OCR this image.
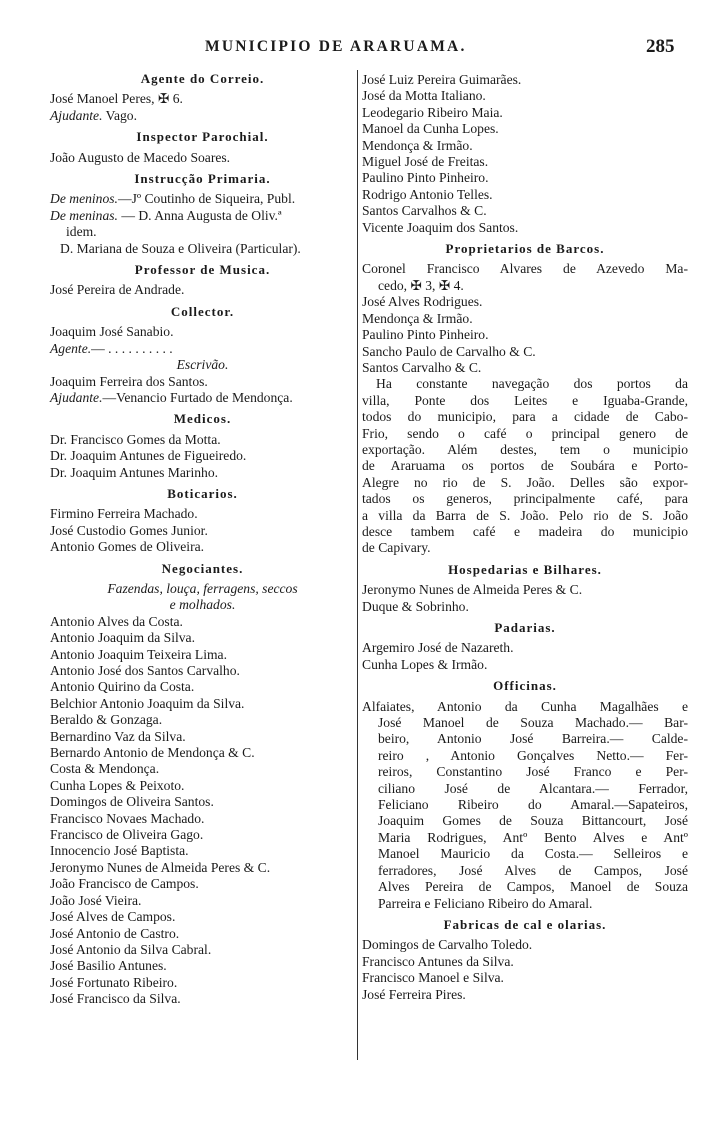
MUNICIPIO DE ARARUAMA.	285
Agente do Correio.
José Manoel Peres, ✠ 6.
Ajudante. Vago.
Inspector Parochial.
João Augusto de Macedo Soares.
Instrucção Primaria.
De meninos.—Jº Coutinho de Siqueira, Publ.
De meninas. — D. Anna Augusta de Oliv.ª
idem.
D. Mariana de Souza e Oliveira (Particular).
Professor de Musica.
José Pereira de Andrade.
Collector.
Joaquim José Sanabio.
Agente.— . . . . . . . . . .
Escrivão.
Joaquim Ferreira dos Santos.
Ajudante.—Venancio Furtado de Mendonça.
Medicos.
Dr. Francisco Gomes da Motta.
Dr. Joaquim Antunes de Figueiredo.
Dr. Joaquim Antunes Marinho.
Boticarios.
Firmino Ferreira Machado.
José Custodio Gomes Junior.
Antonio Gomes de Oliveira.
Negociantes.
Fazendas, louça, ferragens, seccos
e molhados.
Antonio Alves da Costa.
Antonio Joaquim da Silva.
Antonio Joaquim Teixeira Lima.
Antonio José dos Santos Carvalho.
Antonio Quirino da Costa.
Belchior Antonio Joaquim da Silva.
Beraldo & Gonzaga.
Bernardino Vaz da Silva.
Bernardo Antonio de Mendonça & C.
Costa & Mendonça.
Cunha Lopes & Peixoto.
Domingos de Oliveira Santos.
Francisco Novaes Machado.
Francisco de Oliveira Gago.
Innocencio José Baptista.
Jeronymo Nunes de Almeida Peres & C.
João Francisco de Campos.
João José Vieira.
José Alves de Campos.
José Antonio de Castro.
José Antonio da Silva Cabral.
José Basilio Antunes.
José Fortunato Ribeiro.
José Francisco da Silva.
José Luiz Pereira Guimarães.
José da Motta Italiano.
Leodegario Ribeiro Maia.
Manoel da Cunha Lopes.
Mendonça & Irmão.
Miguel José de Freitas.
Paulino Pinto Pinheiro.
Rodrigo Antonio Telles.
Santos Carvalhos & C.
Vicente Joaquim dos Santos.
Proprietarios de Barcos.
Coronel Francisco Alvares de Azevedo Ma-
cedo, ✠ 3, ✠ 4.
José Alves Rodrigues.
Mendonça & Irmão.
Paulino Pinto Pinheiro.
Sancho Paulo de Carvalho & C.
Santos Carvalho & C.
Ha constante navegação dos portos da
villa, Ponte dos Leites e Iguaba-Grande,
todos do municipio, para a cidade de Cabo-
Frio, sendo o café o principal genero de
exportação. Além destes, tem o municipio
de Araruama os portos de Soubára e Porto-
Alegre no rio de S. João. Delles são expor-
tados os generos, principalmente café, para
a villa da Barra de S. João. Pelo rio de S. João
desce tambem café e madeira do municipio
de Capivary.
Hospedarias e Bilhares.
Jeronymo Nunes de Almeida Peres & C.
Duque & Sobrinho.
Padarias.
Argemiro José de Nazareth.
Cunha Lopes & Irmão.
Officinas.
Alfaiates, Antonio da Cunha Magalhães e
José Manoel de Souza Machado.— Bar-
beiro, Antonio José Barreira.— Calde-
reiro , Antonio Gonçalves Netto.— Fer-
reiros, Constantino José Franco e Per-
ciliano José de Alcantara.— Ferrador,
Feliciano Ribeiro do Amaral.—Sapateiros,
Joaquim Gomes de Souza Bittancourt, José
Maria Rodrigues, Antº Bento Alves e Antº
Manoel Mauricio da Costa.— Selleiros e
ferradores, José Alves de Campos, José
Alves Pereira de Campos, Manoel de Souza
Parreira e Feliciano Ribeiro do Amaral.
Fabricas de cal e olarias.
Domingos de Carvalho Toledo.
Francisco Antunes da Silva.
Francisco Manoel e Silva.
José Ferreira Pires.
